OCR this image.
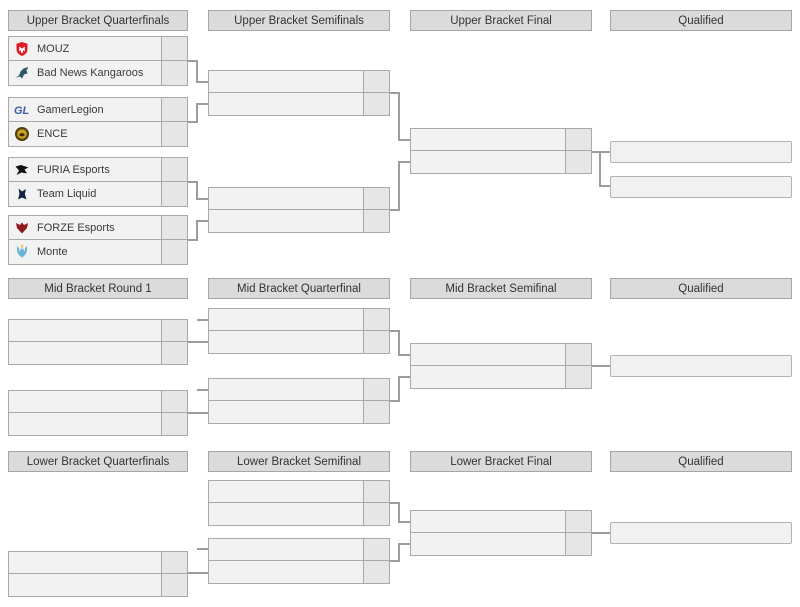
Upper Bracket Quarterfinals	Upper Bracket Semifinals	Upper Bracket Final	Qualified
Mid Bracket Round 1	Mid Bracket Quarterfinal	Mid Bracket Semifinal	Qualified
Lower Bracket Quarterfinals	Lower Bracket Semifinal	Lower Bracket Final	Qualified
MOUZ
Bad News Kangaroos
GL GamerLegion
ENCE
FURIA Esports
Team Liquid
FORZE Esports
Monte
